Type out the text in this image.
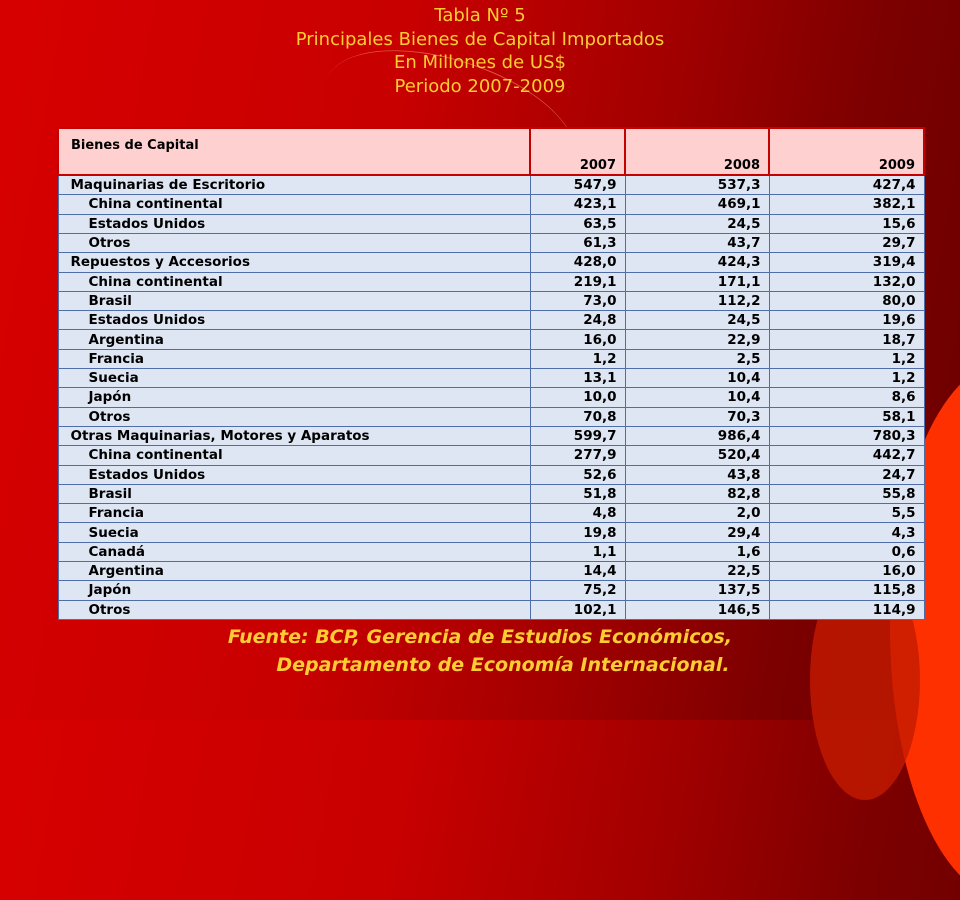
Tabla Nº 5
Principales Bienes de Capital Importados
En Millones de US$
Periodo 2007-2009
Bienes de Capital	2007	2008	2009
Maquinarias de Escritorio	547,9	537,3	427,4
China continental	423,1	469,1	382,1
Estados Unidos	63,5	24,5	15,6
Otros	61,3	43,7	29,7
Repuestos y Accesorios	428,0	424,3	319,4
China continental	219,1	171,1	132,0
Brasil	73,0	112,2	80,0
Estados Unidos	24,8	24,5	19,6
Argentina	16,0	22,9	18,7
Francia	1,2	2,5	1,2
Suecia	13,1	10,4	1,2
Japón	10,0	10,4	8,6
Otros	70,8	70,3	58,1
Otras Maquinarias, Motores y Aparatos	599,7	986,4	780,3
China continental	277,9	520,4	442,7
Estados Unidos	52,6	43,8	24,7
Brasil	51,8	82,8	55,8
Francia	4,8	2,0	5,5
Suecia	19,8	29,4	4,3
Canadá	1,1	1,6	0,6
Argentina	14,4	22,5	16,0
Japón	75,2	137,5	115,8
Otros	102,1	146,5	114,9
Fuente: BCP, Gerencia de Estudios Económicos,
Departamento de Economía Internacional.
